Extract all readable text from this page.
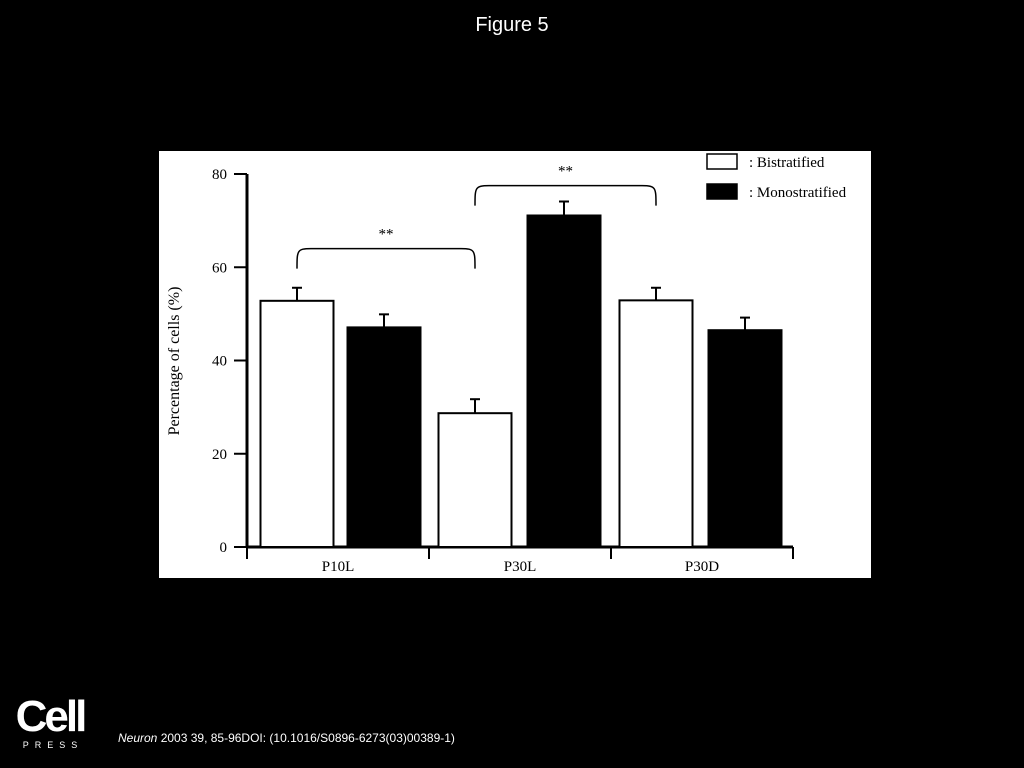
Figure 5
0
20
40
60
80
Percentage of cells (%)
P10L	P30L	P30D
**
**
: Bistratified
: Monostratified
Cell
PRESS	Neuron 2003 39, 85-96DOI: (10.1016/S0896-6273(03)00389-1)
